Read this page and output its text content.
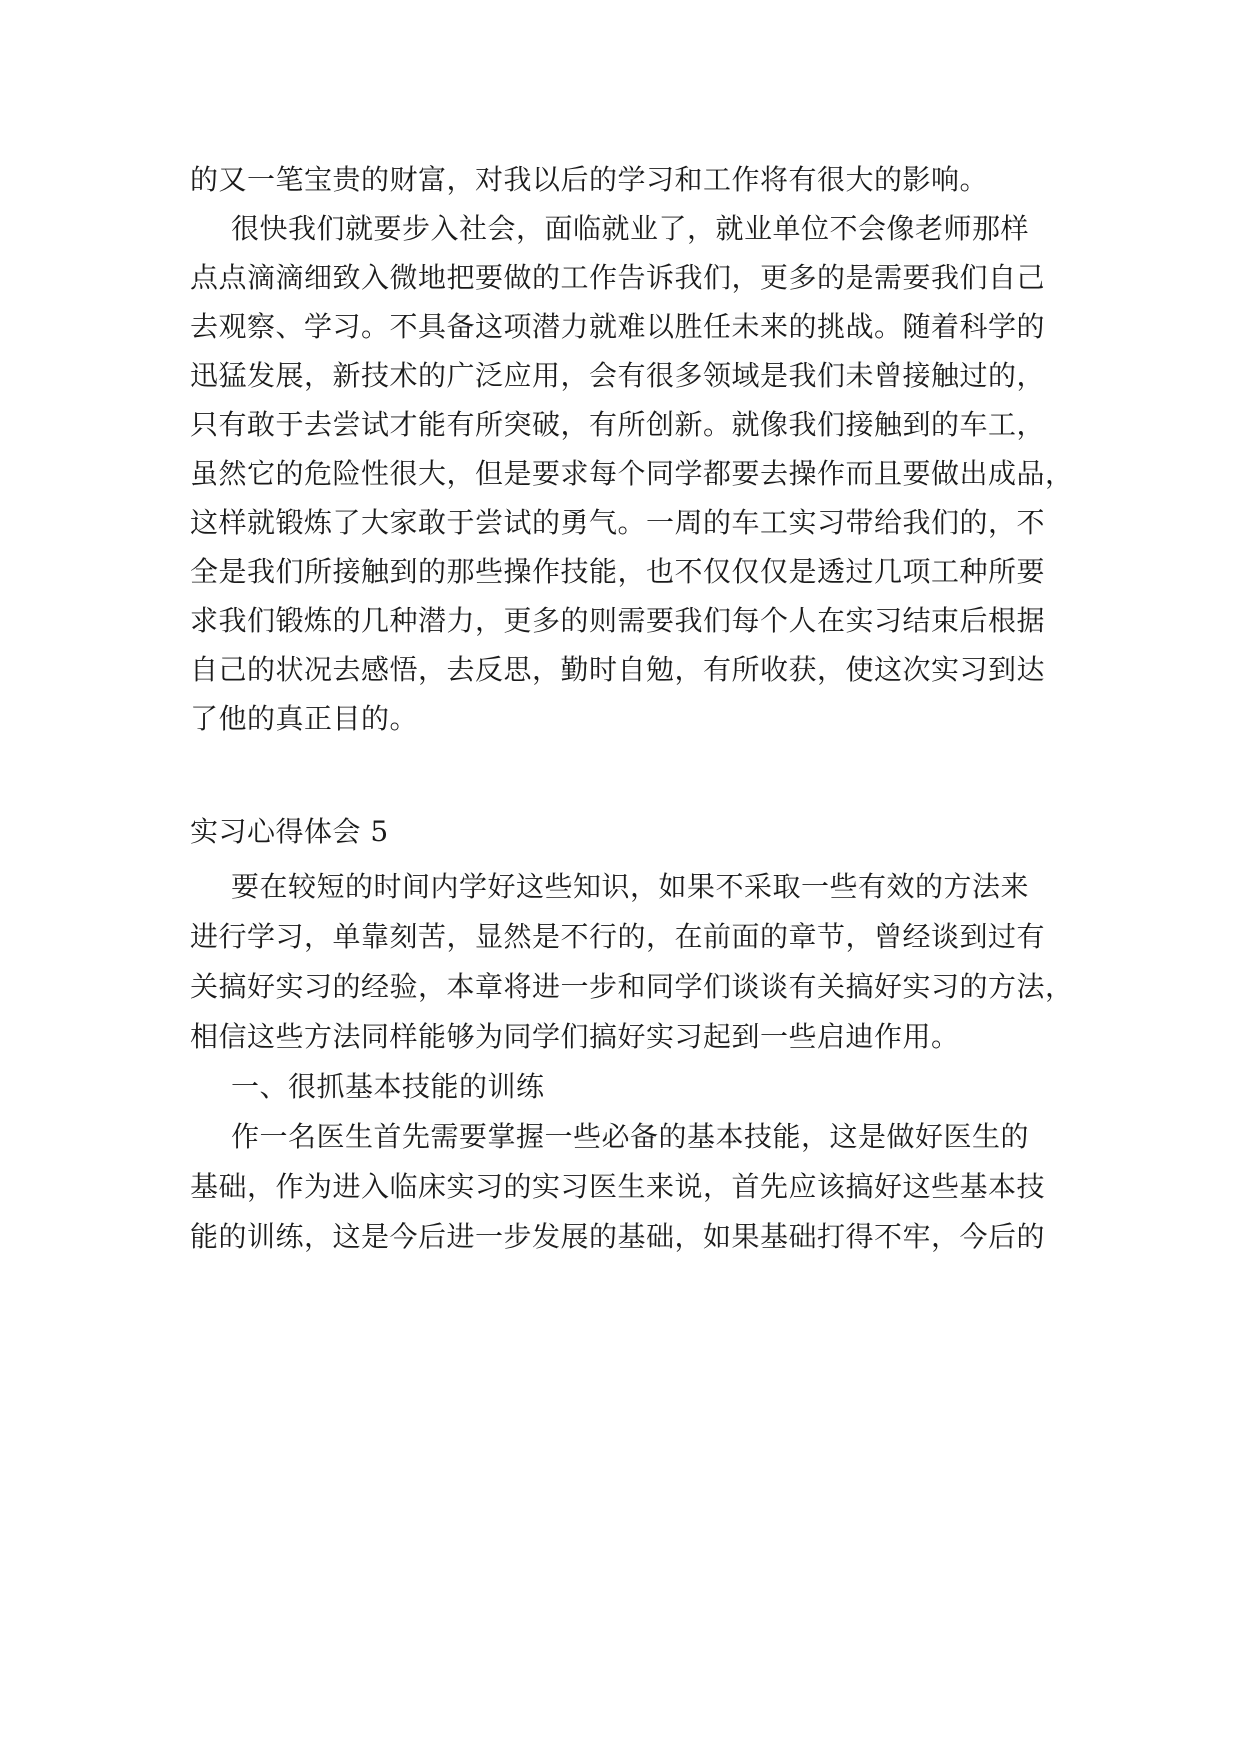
的又一笔宝贵的财富，对我以后的学习和工作将有很大的影响。
很快我们就要步入社会，面临就业了，就业单位不会像老师那样
点点滴滴细致入微地把要做的工作告诉我们，更多的是需要我们自己
去观察、学习。不具备这项潜力就难以胜任未来的挑战。随着科学的
迅猛发展，新技术的广泛应用，会有很多领域是我们未曾接触过的，
只有敢于去尝试才能有所突破，有所创新。就像我们接触到的车工，
虽然它的危险性很大，但是要求每个同学都要去操作而且要做出成品，
这样就锻炼了大家敢于尝试的勇气。一周的车工实习带给我们的，不
全是我们所接触到的那些操作技能，也不仅仅仅是透过几项工种所要
求我们锻炼的几种潜力，更多的则需要我们每个人在实习结束后根据
自己的状况去感悟，去反思，勤时自勉，有所收获，使这次实习到达
了他的真正目的。
实习心得体会 5
要在较短的时间内学好这些知识，如果不采取一些有效的方法来
进行学习，单靠刻苦，显然是不行的，在前面的章节，曾经谈到过有
关搞好实习的经验，本章将进一步和同学们谈谈有关搞好实习的方法，
相信这些方法同样能够为同学们搞好实习起到一些启迪作用。
一、很抓基本技能的训练
作一名医生首先需要掌握一些必备的基本技能，这是做好医生的
基础，作为进入临床实习的实习医生来说，首先应该搞好这些基本技
能的训练，这是今后进一步发展的基础，如果基础打得不牢，今后的
